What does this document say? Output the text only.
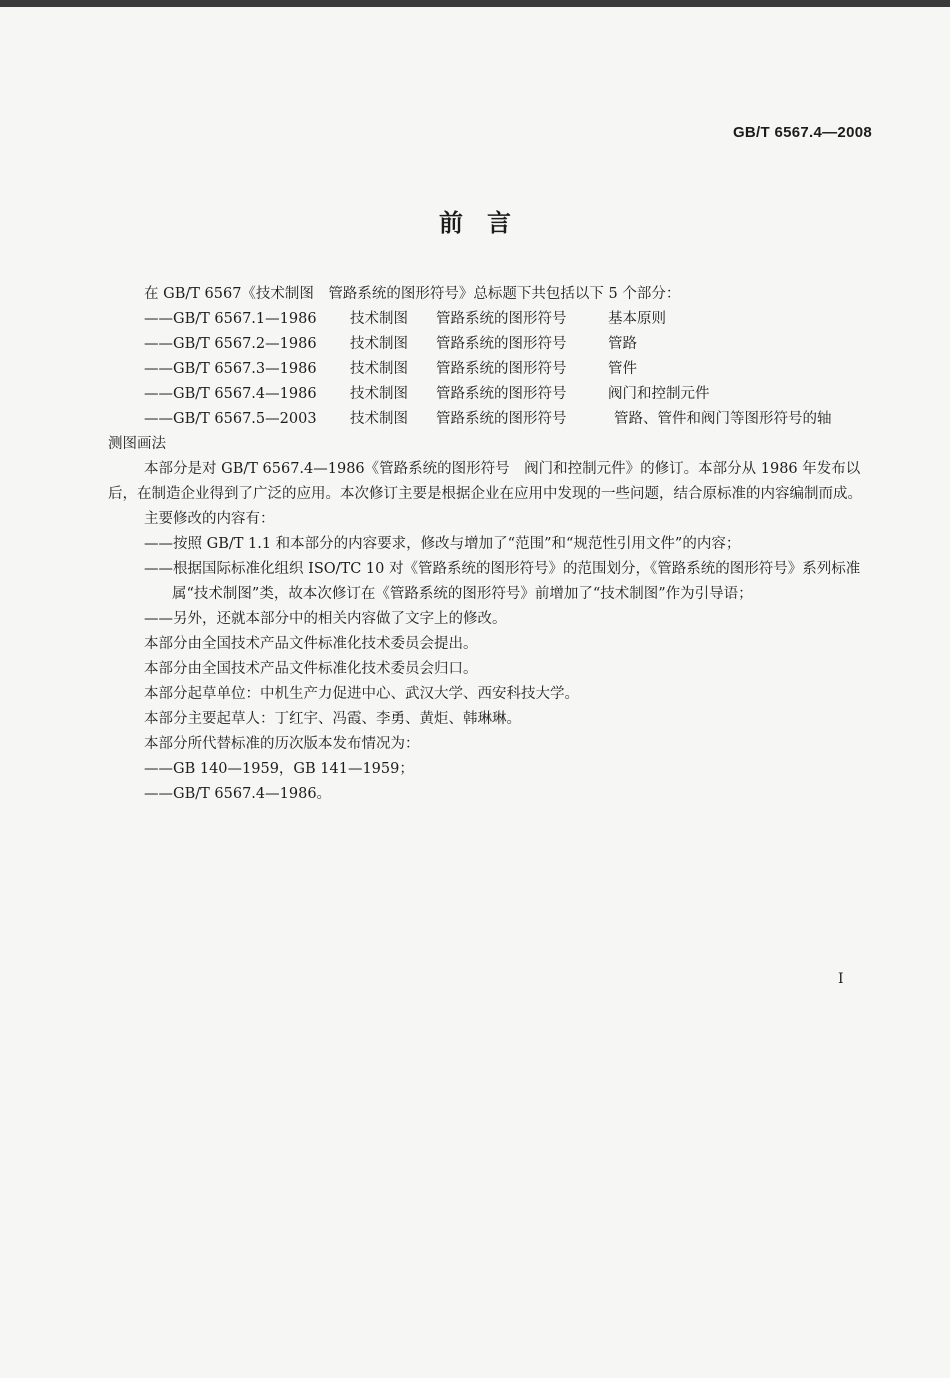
GB/T 6567.4—2008
前言

在 GB/T 6567《技术制图　管路系统的图形符号》总标题下共包括以下 5 个部分：

——GB/T 6567.1—1986	技术制图	管路系统的图形符号	基本原则
——GB/T 6567.2—1986	技术制图	管路系统的图形符号	管路
——GB/T 6567.3—1986	技术制图	管路系统的图形符号	管件
——GB/T 6567.4—1986	技术制图	管路系统的图形符号	阀门和控制元件
——GB/T 6567.5—2003	技术制图	管路系统的图形符号	管路、管件和阀门等图形符号的轴

测图画法

本部分是对 GB/T 6567.4—1986《管路系统的图形符号　阀门和控制元件》的修订。本部分从 1986 年发布以后，在制造企业得到了广泛的应用。本次修订主要是根据企业在应用中发现的一些问题，结合原标准的内容编制而成。

主要修改的内容有：

——按照 GB/T 1.1 和本部分的内容要求，修改与增加了“范围”和“规范性引用文件”的内容；

——根据国际标准化组织 ISO/TC 10 对《管路系统的图形符号》的范围划分，《管路系统的图形符号》系列标准属“技术制图”类，故本次修订在《管路系统的图形符号》前增加了“技术制图”作为引导语；

——另外，还就本部分中的相关内容做了文字上的修改。

本部分由全国技术产品文件标准化技术委员会提出。

本部分由全国技术产品文件标准化技术委员会归口。

本部分起草单位：中机生产力促进中心、武汉大学、西安科技大学。

本部分主要起草人：丁红宇、冯霞、李勇、黄炬、韩琳琳。

本部分所代替标准的历次版本发布情况为：

——GB 140—1959，GB 141—1959；

——GB/T 6567.4—1986。

I
